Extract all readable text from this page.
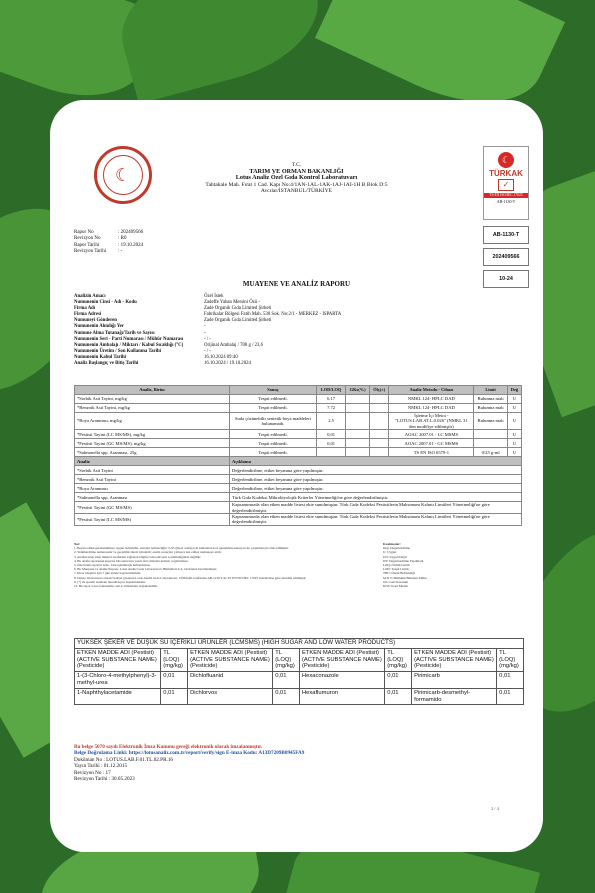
☾	T.C.
TARIM VE ORMAN BAKANLIĞI
Lotus Analiz Özel Gıda Kontrol Laboratuvarı
Tahtakale Mah. Fırat 1 Cad. Kapı No:4/1AN-1AL-1AK-1AJ-1AI-1H B Blok D:5
Avcılar/İSTANBUL/TÜRKİYE
☾
TÜRKAK
✓
TS EN ISO/IEC 17025
AB-1130-T
AB-1130-T
202409566
10-24
Rapor No	: 202409566
Revizyon No	: R0
Rapor Tarihi	: 19.10.2024
Revizyon Tarihi : -
MUAYENE VE ANALİZ RAPORU
Analizin Amacı	Özel İstek
Numunenin Cinsi - Adı - Kodu	Zadeffe Yaban Mersini Özü -
Firma Adı	Zade Organik Gıda Limited Şirketi
Firma Adresi	Fabrikalar Bölgesi Fatih Mah. 530 Sok. No:2/1 - MERKEZ - ISPARTA
Numuneyi Gönderen	Zade Organik Gıda Limited Şirketi
Numunenin Alındığı Yer	-
Numune Alma Tutanağı/Tarih ve Sayısı	-
Numunenin Seri - Parti Numarası / Mühür Numarası	- / -
Numunenin Ambalajı / Miktarı / Kabul Sıcaklığı (°C)	Orijinal Ambalaj / 700 g / 23,6
Numunenin Üretim / Son Kullanma Tarihi	- / -
Numunenin Kabul Tarihi	16.10.2024 09:40
Analiz Başlangıç ve Bitiş Tarihi	16.10.2024 / 19.10.2024
Analiz, Birim	Sonuç	LOD/LOQ	GKs(%)	Ölç(±)	Analiz Metodu - Cihazı	Limit	Değ
*Sorbik Asit Tayini, mg/kg	Tespit edilmedi.	6.17			NMKL 124- HPLC DAD	Bulunma malı	U
*Benzoik Asit Tayini, mg/kg	Tespit edilmedi.	7.72			NMKL 124- HPLC DAD	Bulunma malı	U
*Boya Aranması, mg/kg	Suda çözünebilir sentetik boya maddeleri bulunamadı.	2.5			İşletme İçi Metot - "LOTUS.LAB.AT.L.0.026" (NMKL 31 den modifiye edilmiştir)	Bulunma malı	U
*Pestisit Tayini (LC MS/MS), mg/kg	Tespit edilmedi.	0,01			AOAC 2007.01 - LC MSMS		U
*Pestisit Tayini (GC MS/MS), mg/kg	Tespit edilmedi.	0,01			AOAC 2007.01 - GC MSMS		U
*Salmonella spp. Aranması, 25g	Tespit edilmedi.				TS EN ISO 6579-1	0/25 g-ml	U
Analiz	Açıklama						
*Sorbik Asit Tayini	Değerlendirilme, etiket beyanına göre yapılmıştır.						
*Benzoik Asit Tayini	Değerlendirilme, etiket beyanına göre yapılmıştır.						
*Boya Aranması	Değerlendirilme, etiket beyanına göre yapılmıştır.						
*Salmonella spp. Aranması	Türk Gıda Kodeksi Mikrobiyolojik Kriterler Yönetmeliği'ne göre değerlendirilmiştir.						
*Pestisit Tayini (GC MS/MS)	Kapsamımızda olan etken madde listesi ekte sunulmuştur. Türk Gıda Kodeksi Pestisitlerin Maksimum Kalıntı Limitleri Yönetmeliği'ne göre değerlendirilmiştir.						
*Pestisit Tayini (LC MS/MS)	Kapsamımızda olan etken madde listesi ekte sunulmuştur. Türk Gıda Kodeksi Pestisitlerin Maksimum Kalıntı Limitleri Yönetmeliği'ne göre değerlendirilmiştir.						
Not:
1. Beyan edilen gereksinimlere uygun belirsizlik, standart belirsizliğin % 95 güven aralığı için kullanılan k=2 genişletme katsayısı ile çarpılmasıyla elde edilmiştir.
2. Yetkilendirme numarasıdır ve geçerlilik süresi içindedir; analiz sonuçları yalnızca test edilen numuneye aittir.
3. Analizi talep eden müşteri tarafından sağlanan bilgiler laboratuvarın sorumluluğunda değildir.
4. Bu analiz raporunun kopyası laboratuvarın yazılı izni olmadan kısmen çoğaltılamaz.
5. Özel İstek raporlar Adlı - İdari işlemlerde kullanılamaz.
6. Bu Muayene ve Analiz Raporu, Lotus Analiz Gıda Laboratuvarı Hizmetleri A.Ş. tarafından hazırlanmıştır.
7. İtiraz talepleri için 7 gün içinde başvurulmalıdır.
8. Deney laboratuvarı olarak faaliyet gösteren Lotus Analiz Gıda Laboratuvarı, TÜRKAK tarafından AB-1130-T ile TS EN ISO/IEC 17025 standardına göre akredite edilmiştir.
9. (*) ile işaretli analizler akreditasyon kapsamındadır.
10. Bu rapor www.lotusanaliz.com.tr adresinden doğrulanabilir.
Kısaltmalar:
Değ: Değerlendirme
U: Uygun
UD: Uygun Değil
DY: Değerlendirme Yapılmadı
LOQ: Ölçüm Limiti
LOD: Tespit Limiti
TBU: Önem Belirsizliği
M.N.T: Mümkün Bulunan Tahlin
GK: Geri Kazanım
KNS: Koni Madde
YÜKSEK ŞEKER VE DÜŞÜK SU İÇERİKLİ ÜRÜNLER (LCMSMS) (HIGH SUGAR AND LOW WATER PRODUCTS)							
ETKEN MADDE ADI (Pestisit) (ACTIVE SUBSTANCE NAME) (Pesticide)	TL (LOQ) (mg/kg)	ETKEN MADDE ADI (Pestisit) (ACTIVE SUBSTANCE NAME) (Pesticide)	TL (LOQ) (mg/kg)	ETKEN MADDE ADI (Pestisit) (ACTIVE SUBSTANCE NAME) (Pesticide)	TL (LOQ) (mg/kg)	ETKEN MADDE ADI (Pestisit) (ACTIVE SUBSTANCE NAME) (Pesticide)	TL (LOQ) (mg/kg)
1-(3-Chloro-4-methylphenyl)-3-methyl-urea	0,01	Dichlofluanid	0,01	Hexaconazole	0,01	Pirimicarb	0,01
1-Naphthylacetamide	0,01	Dichlorvos	0,01	Hexaflumuron	0,01	Pirimicarb-desmethyl-formamido	0,01
Bu belge 5070 sayılı Elektronik İmza Kanunu gereği elektronik olarak imzalanmıştır.
Belge Doğrulama Linki: https://lotusanaliz.com.tr/report/verify/sign E-imza Kodu: A13D7209B0945FA9
Doküman No : LOTUS.LAB.F.01.TL.02.PR.16
Yayın Tarihi : 01.12.2015
Revizyon No : 17
Revizyon Tarihi : 30.05.2023
2 / 4
